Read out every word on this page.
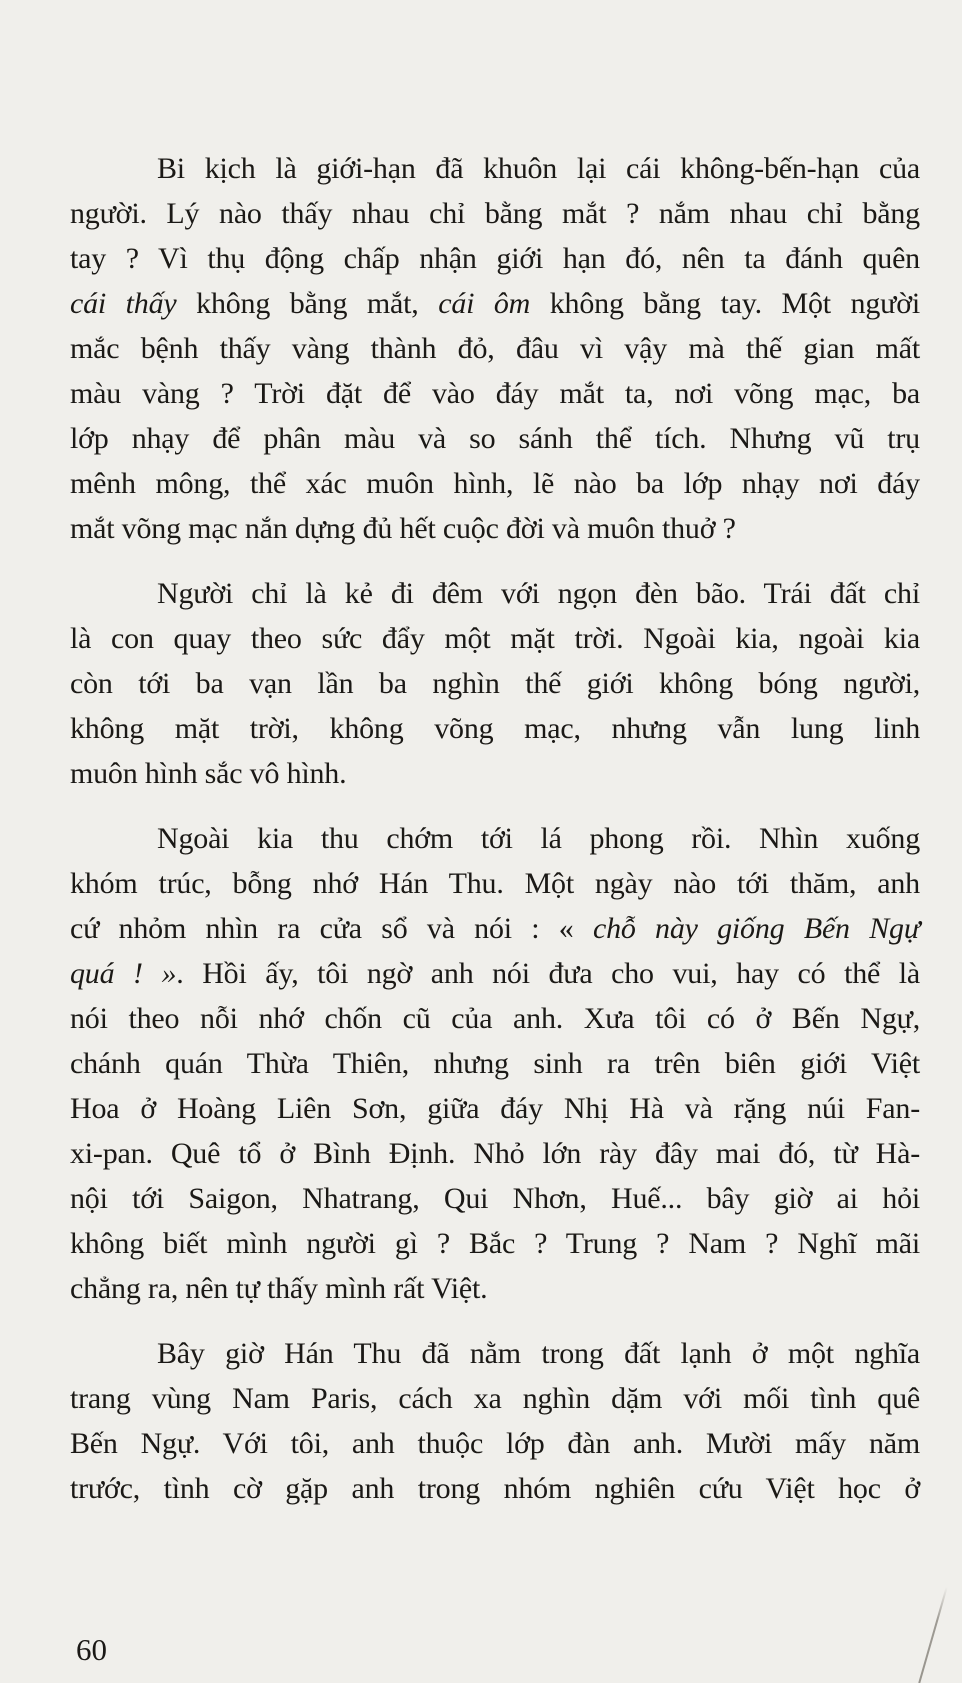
Bi kịch là giới-hạn đã khuôn lại cái không-bến-hạn của
người. Lý nào thấy nhau chỉ bằng mắt ? nắm nhau chỉ bằng
tay ? Vì thụ động chấp nhận giới hạn đó, nên ta đánh quên
cái thấy không bằng mắt, cái ôm không bằng tay. Một người
mắc bệnh thấy vàng thành đỏ, đâu vì vậy mà thế gian mất
màu vàng ? Trời đặt để vào đáy mắt ta, nơi võng mạc, ba
lớp nhạy để phân màu và so sánh thể tích. Nhưng vũ trụ
mênh mông, thể xác muôn hình, lẽ nào ba lớp nhạy nơi đáy
mắt võng mạc nắn dựng đủ hết cuộc đời và muôn thuở ?
Người chỉ là kẻ đi đêm với ngọn đèn bão. Trái đất chỉ
là con quay theo sức đẩy một mặt trời. Ngoài kia, ngoài kia
còn tới ba vạn lần ba nghìn thế giới không bóng người,
không mặt trời, không võng mạc, nhưng vẫn lung linh
muôn hình sắc vô hình.
Ngoài kia thu chớm tới lá phong rồi. Nhìn xuống
khóm trúc, bỗng nhớ Hán Thu. Một ngày nào tới thăm, anh
cứ nhỏm nhìn ra cửa sổ và nói : « chỗ này giống Bến Ngự
quá ! ». Hồi ấy, tôi ngờ anh nói đưa cho vui, hay có thể là
nói theo nỗi nhớ chốn cũ của anh. Xưa tôi có ở Bến Ngự,
chánh quán Thừa Thiên, nhưng sinh ra trên biên giới Việt
Hoa ở Hoàng Liên Sơn, giữa đáy Nhị Hà và rặng núi Fan-
xi-pan. Quê tổ ở Bình Định. Nhỏ lớn rày đây mai đó, từ Hà-
nội tới Saigon, Nhatrang, Qui Nhơn, Huế... bây giờ ai hỏi
không biết mình người gì ? Bắc ? Trung ? Nam ? Nghĩ mãi
chẳng ra, nên tự thấy mình rất Việt.
Bây giờ Hán Thu đã nằm trong đất lạnh ở một nghĩa
trang vùng Nam Paris, cách xa nghìn dặm với mối tình quê
Bến Ngự. Với tôi, anh thuộc lớp đàn anh. Mười mấy năm
trước, tình cờ gặp anh trong nhóm nghiên cứu Việt học ở
60
